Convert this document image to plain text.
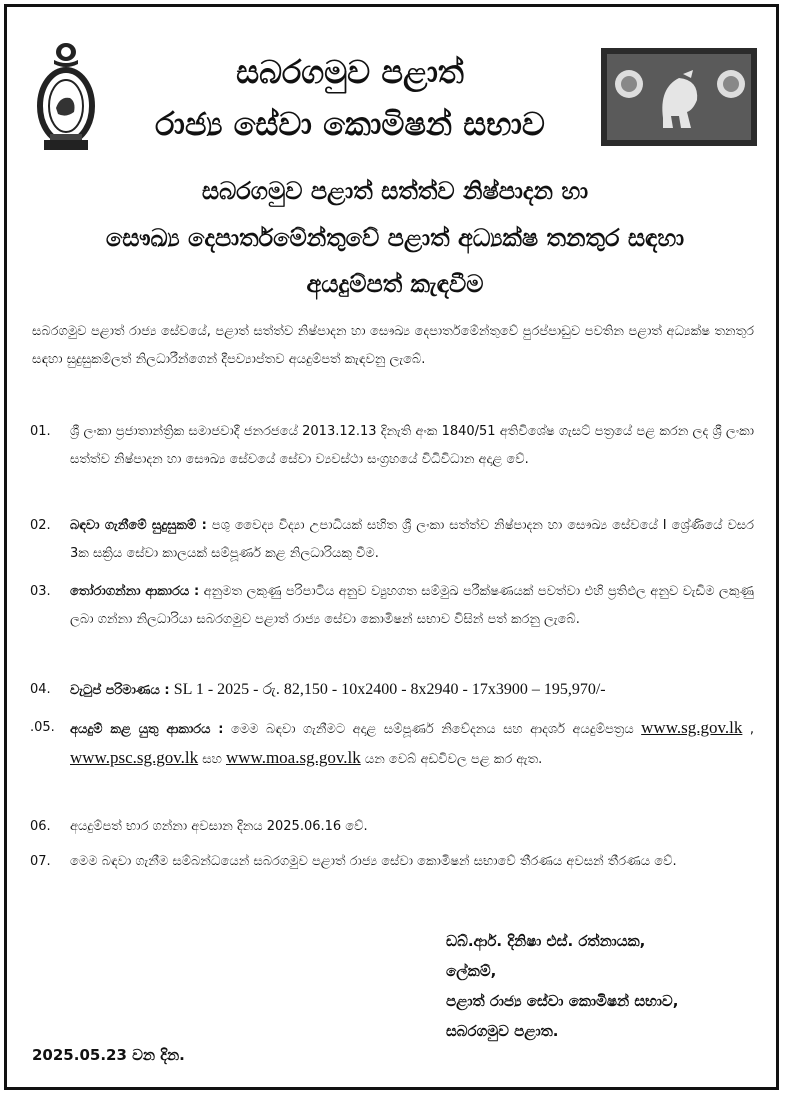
සබරගමුව පළාත්
රාජ්‍ය සේවා කොමිෂන් සභාව
සබරගමුව පළාත් සත්ත්ව නිෂ්පාදන හා
සෞඛ්‍ය දෙපාර්තමේන්තුවේ පළාත් අධ්‍යක්ෂ තනතුර සඳහා
අයදුම්පත් කැඳවීම
සබරගමුව පළාත් රාජ්‍ය සේවයේ, පළාත් සත්ත්ව නිෂ්පාදන හා සෞඛ්‍ය දෙපාර්තමේන්තුවේ පුරප්පාඩුව පවතින පළාත් අධ්‍යක්ෂ තනතුර සඳහා සුදුසුකම්ලත් නිලධාරීන්ගෙන් දීපව්‍යාප්තව අයදුම්පත් කැඳවනු ලැබේ.
01.	ශ්‍රී ලංකා ප්‍රජාතාන්ත්‍රික සමාජවාදී ජනරජයේ 2013.12.13 දිනැති අංක 1840/51 අතිවිශේෂ ගැසට් පත්‍රයේ පළ කරන ලද ශ්‍රී ලංකා සත්ත්ව නිෂ්පාදන හා සෞඛ්‍ය සේවයේ සේවා ව්‍යවස්ථා සංග්‍රහයේ විධිවිධාන අදාළ වේ.
02.	බඳවා ගැනීමේ සුදුසුකම් : පශු වෛද්‍ය විද්‍යා උපාධියක් සහිත ශ්‍රී ලංකා සත්ත්ව නිෂ්පාදන හා සෞඛ්‍ය සේවයේ I ශ්‍රේණියේ වසර 3ක සක්‍රිය සේවා කාලයක් සම්පූර්ණ කළ නිලධාරියකු වීම.
03.	තෝරාගන්නා ආකාරය : අනුමත ලකුණු පරිපාටිය අනුව ව්‍යුහගත සම්මුඛ පරීක්ෂණයක් පවත්වා එහි ප්‍රතිඵල අනුව වැඩිම ලකුණු ලබා ගන්නා නිලධාරියා සබරගමුව පළාත් රාජ්‍ය සේවා කොමිෂන් සභාව විසින් පත් කරනු ලැබේ.
04.	වැටුප් පරිමාණය : SL 1 - 2025 - රු. 82,150 - 10x2400 - 8x2940 - 17x3900 – 195,970/-
.05.	අයදුම් කළ යුතු ආකාරය : මෙම බඳවා ගැනීමට අදාළ සම්පූර්ණ නිවේදනය සහ ආදර්ශ අයදුම්පත්‍රය www.sg.gov.lk , www.psc.sg.gov.lk සහ www.moa.sg.gov.lk යන වෙබ් අඩවිවල පළ කර ඇත.
06.	අයදුම්පත් භාර ගන්නා අවසාන දිනය 2025.06.16 වේ.
07.	මෙම බඳවා ගැනීම සම්බන්ධයෙන් සබරගමුව පළාත් රාජ්‍ය සේවා කොමිෂන් සභාවේ තීරණය අවසන් තීරණය වේ.
ඩබ්.ආර්. දිනිෂා එස්. රත්නායක,
ලේකම්,
පළාත් රාජ්‍ය සේවා කොමිෂන් සභාව,
සබරගමුව පළාත.
2025.05.23 වන දින.
